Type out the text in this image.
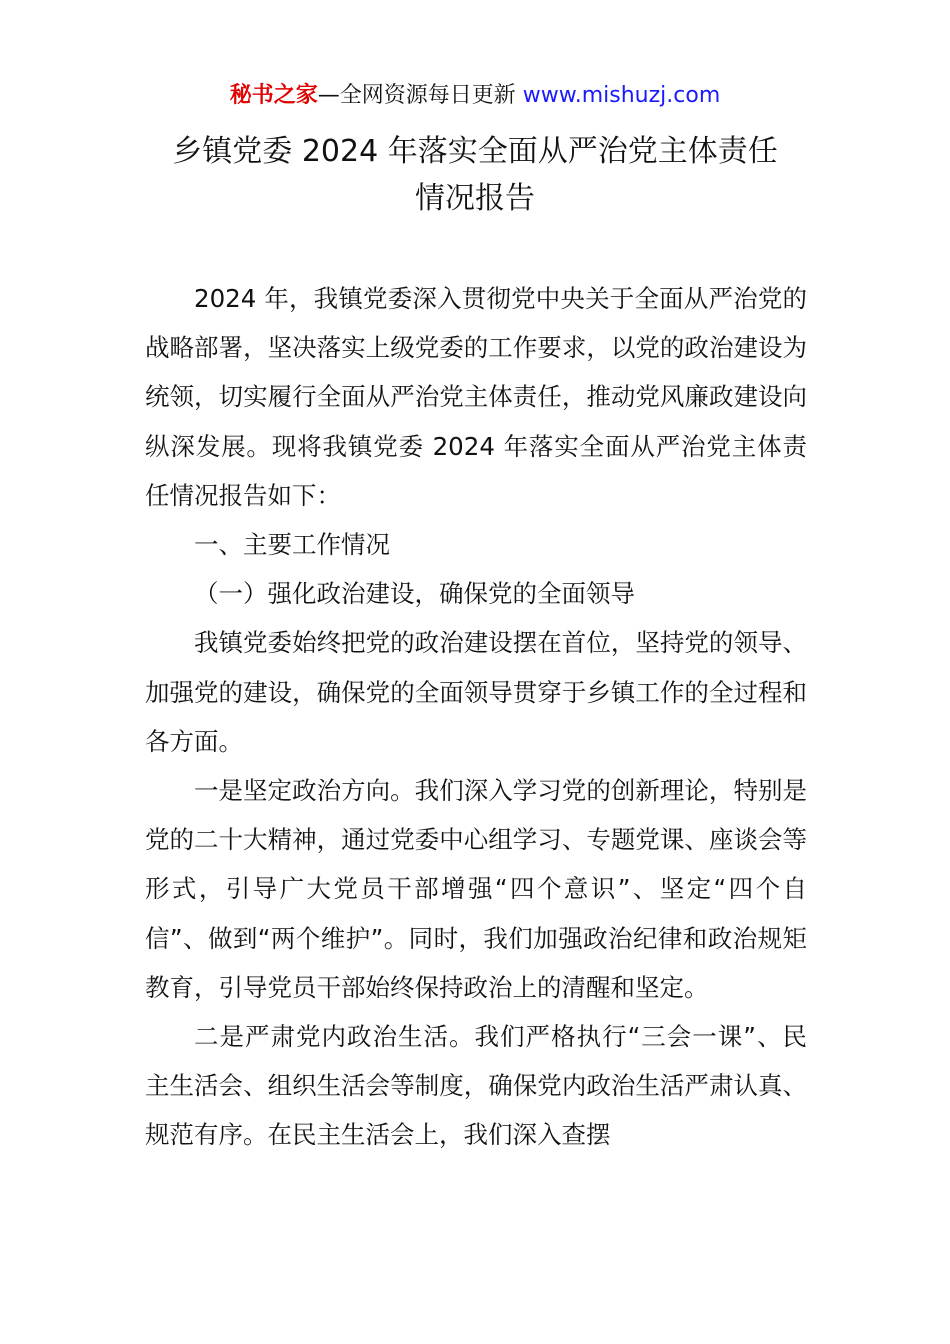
秘书之家—全网资源每日更新 www.mishuzj.com
乡镇党委 2024 年落实全面从严治党主体责任
情况报告

2024 年，我镇党委深入贯彻党中央关于全面从严治党的战略部署，坚决落实上级党委的工作要求，以党的政治建设为统领，切实履行全面从严治党主体责任，推动党风廉政建设向纵深发展。现将我镇党委 2024 年落实全面从严治党主体责任情况报告如下：

一、主要工作情况

（一）强化政治建设，确保党的全面领导

我镇党委始终把党的政治建设摆在首位，坚持党的领导、加强党的建设，确保党的全面领导贯穿于乡镇工作的全过程和各方面。

一是坚定政治方向。我们深入学习党的创新理论，特别是党的二十大精神，通过党委中心组学习、专题党课、座谈会等形式，引导广大党员干部增强“四个意识”、坚定“四个自信”、做到“两个维护”。同时，我们加强政治纪律和政治规矩教育，引导党员干部始终保持政治上的清醒和坚定。

二是严肃党内政治生活。我们严格执行“三会一课”、民主生活会、组织生活会等制度，确保党内政治生活严肃认真、规范有序。在民主生活会上，我们深入查摆
